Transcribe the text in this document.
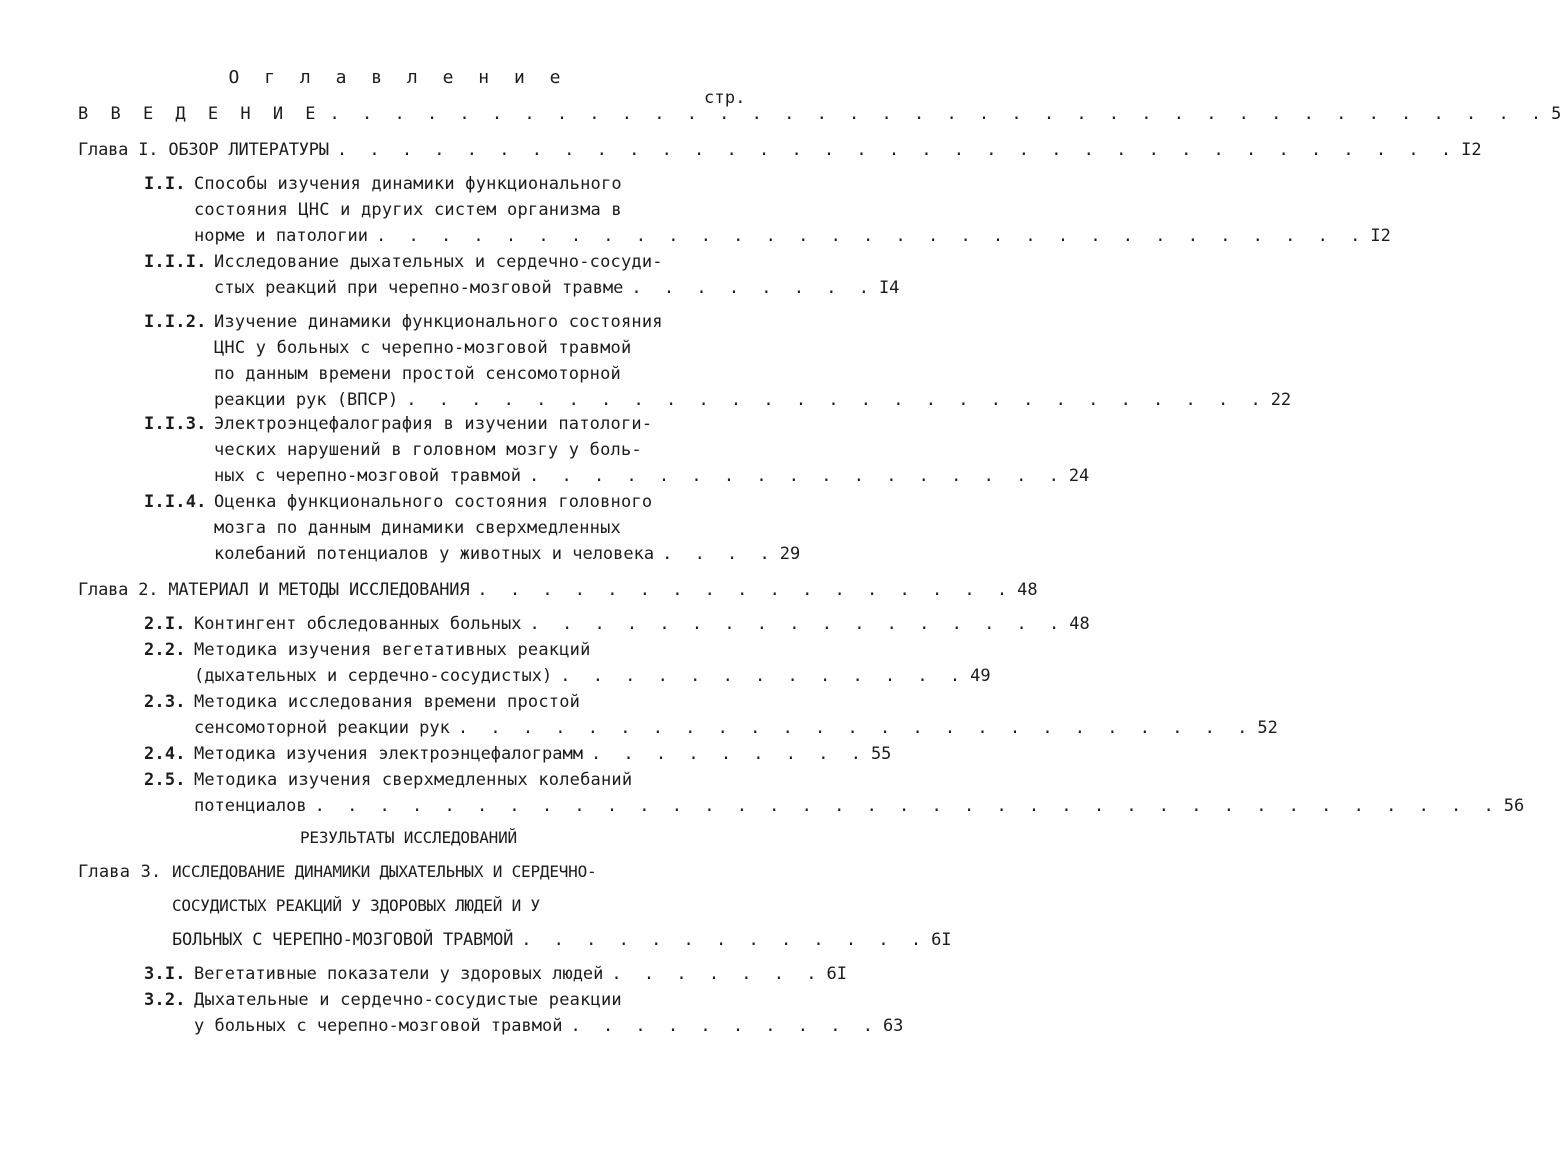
О г л а в л е н и е
стр.
В В Е Д Е Н И Е . . . . . . . . . . . . . . . . . . . . . . . . . . . . . . . . . . . . . . 5
Глава I. ОБЗОР ЛИТЕРАТУРЫ . . . . . . . . . . . . . . . . . . . . . . . . . . . . . . . . . . . I2
I.I. Способы изучения динамики функционального
состояния ЦНС и других систем организма в
норме и патологии . . . . . . . . . . . . . . . . . . . . . . . . . . . . . . . I2
I.I.I. Исследование дыхательных и сердечно-сосуди-
стых реакций при черепно-мозговой травме . . . . . . . . I4
I.I.2. Изучение динамики функционального состояния
ЦНС у больных с черепно-мозговой травмой
по данным времени простой сенсомоторной
реакции рук (ВПСР) . . . . . . . . . . . . . . . . . . . . . . . . . . . 22
I.I.3. Электроэнцефалография в изучении патологи-
ческих нарушений в головном мозгу у боль-
ных с черепно-мозговой травмой . . . . . . . . . . . . . . . . . 24
I.I.4. Оценка функционального состояния головного
мозга по данным динамики сверхмедленных
колебаний потенциалов у животных и человека . . . . 29
Глава 2. МАТЕРИАЛ И МЕТОДЫ ИССЛЕДОВАНИЯ . . . . . . . . . . . . . . . . . 48
2.I. Контингент обследованных больных . . . . . . . . . . . . . . . . . 48
2.2. Методика изучения вегетативных реакций
(дыхательных и сердечно-сосудистых) . . . . . . . . . . . . . 49
2.3. Методика исследования времени простой
сенсомоторной реакции рук . . . . . . . . . . . . . . . . . . . . . . . . . 52
2.4. Методика изучения электроэнцефалограмм . . . . . . . . . 55
2.5. Методика изучения сверхмедленных колебаний
потенциалов . . . . . . . . . . . . . . . . . . . . . . . . . . . . . . . . . . . . . 56
РЕЗУЛЬТАТЫ ИССЛЕДОВАНИЙ
Глава 3. ИССЛЕДОВАНИЕ ДИНАМИКИ ДЫХАТЕЛЬНЫХ И СЕРДЕЧНО-
СОСУДИСТЫХ РЕАКЦИЙ У ЗДОРОВЫХ ЛЮДЕЙ И У
БОЛЬНЫХ С ЧЕРЕПНО-МОЗГОВОЙ ТРАВМОЙ . . . . . . . . . . . . . 6I
3.I. Вегетативные показатели у здоровых людей . . . . . . . 6I
3.2. Дыхательные и сердечно-сосудистые реакции
у больных с черепно-мозговой травмой . . . . . . . . . . 63
